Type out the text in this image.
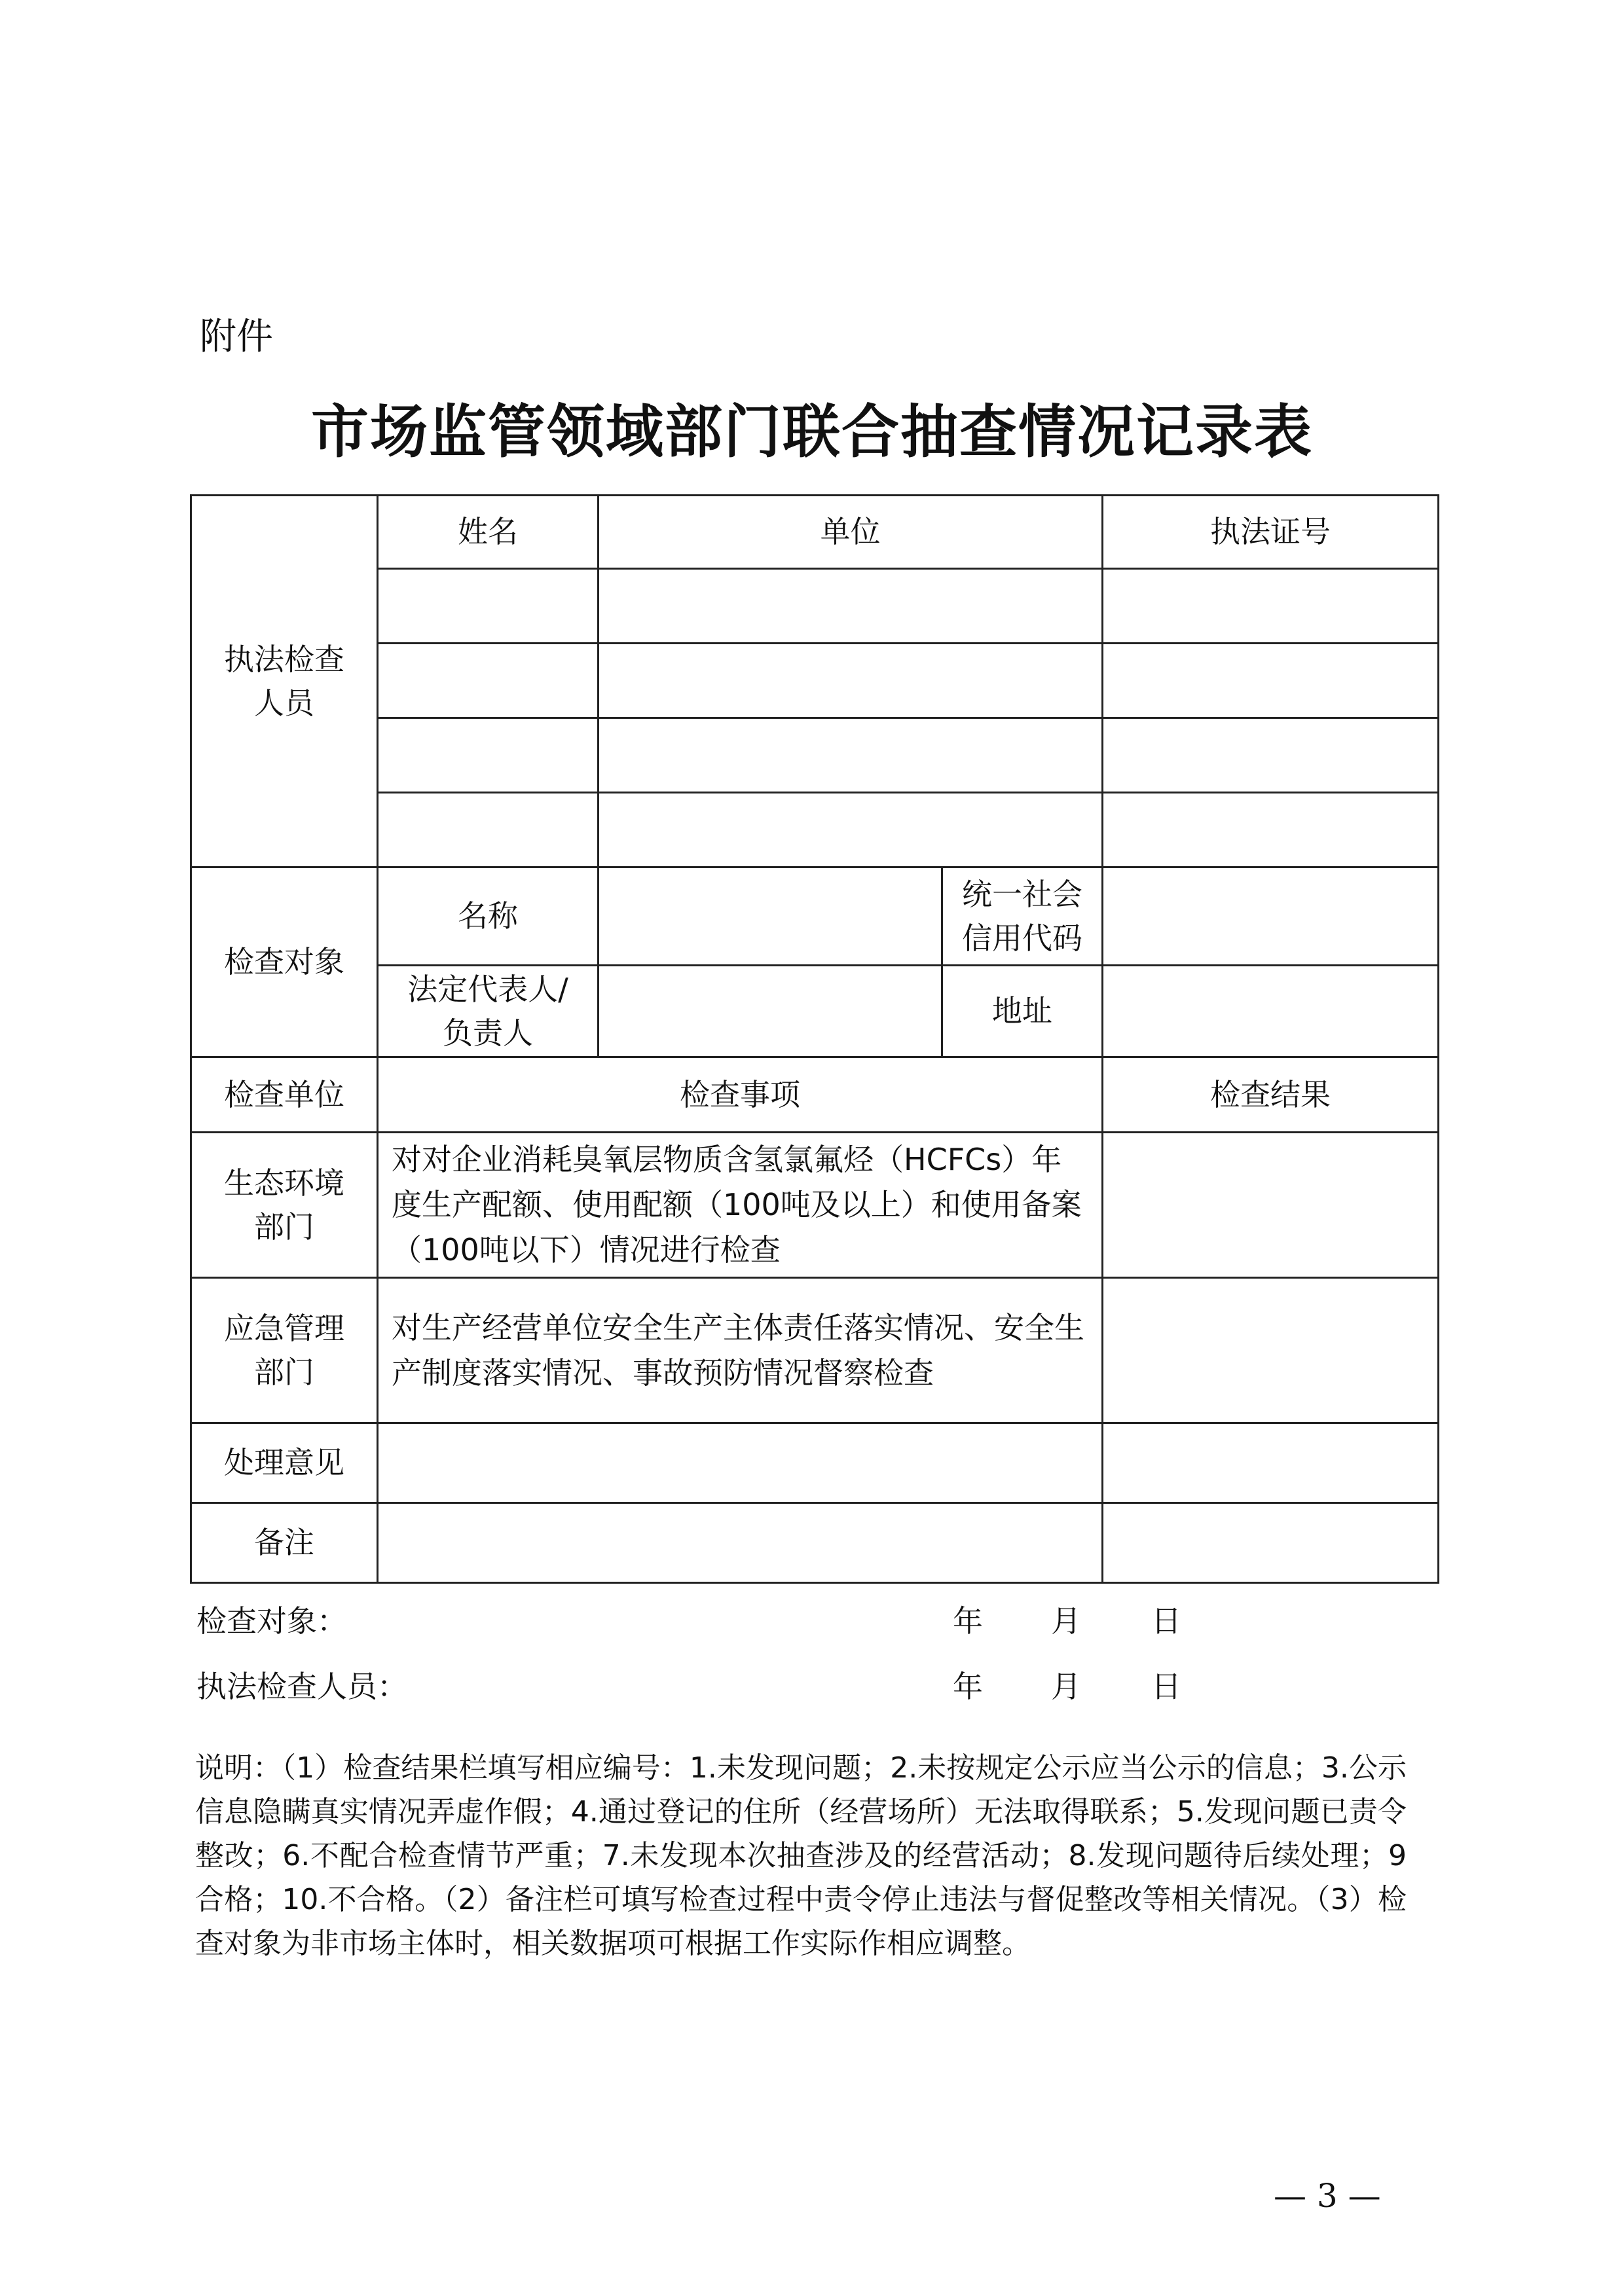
附件
市场监管领域部门联合抽查情况记录表
执法检查人员	姓名	单位		执法证号

检查对象	名称		统一社会信用代码	
	法定代表人/负责人		地址	
检查单位	检查事项			检查结果
生态环境部门	对对企业消耗臭氧层物质含氢氯氟烃（HCFCs）年度生产配额、使用配额（100吨及以上）和使用备案（100吨以下）情况进行检查			
应急管理部门	对生产经营单位安全生产主体责任落实情况、安全生产制度落实情况、事故预防情况督察检查			
处理意见				
备注				
检查对象：	年 月 日
执法检查人员：	年 月 日
说明：（1）检查结果栏填写相应编号：1.未发现问题；2.未按规定公示应当公示的信息；3.公示信息隐瞒真实情况弄虚作假；4.通过登记的住所（经营场所）无法取得联系；5.发现问题已责令整改；6.不配合检查情节严重；7.未发现本次抽查涉及的经营活动；8.发现问题待后续处理；9合格；10.不合格。（2）备注栏可填写检查过程中责令停止违法与督促整改等相关情况。（3）检查对象为非市场主体时，相关数据项可根据工作实际作相应调整。
— 3 —
